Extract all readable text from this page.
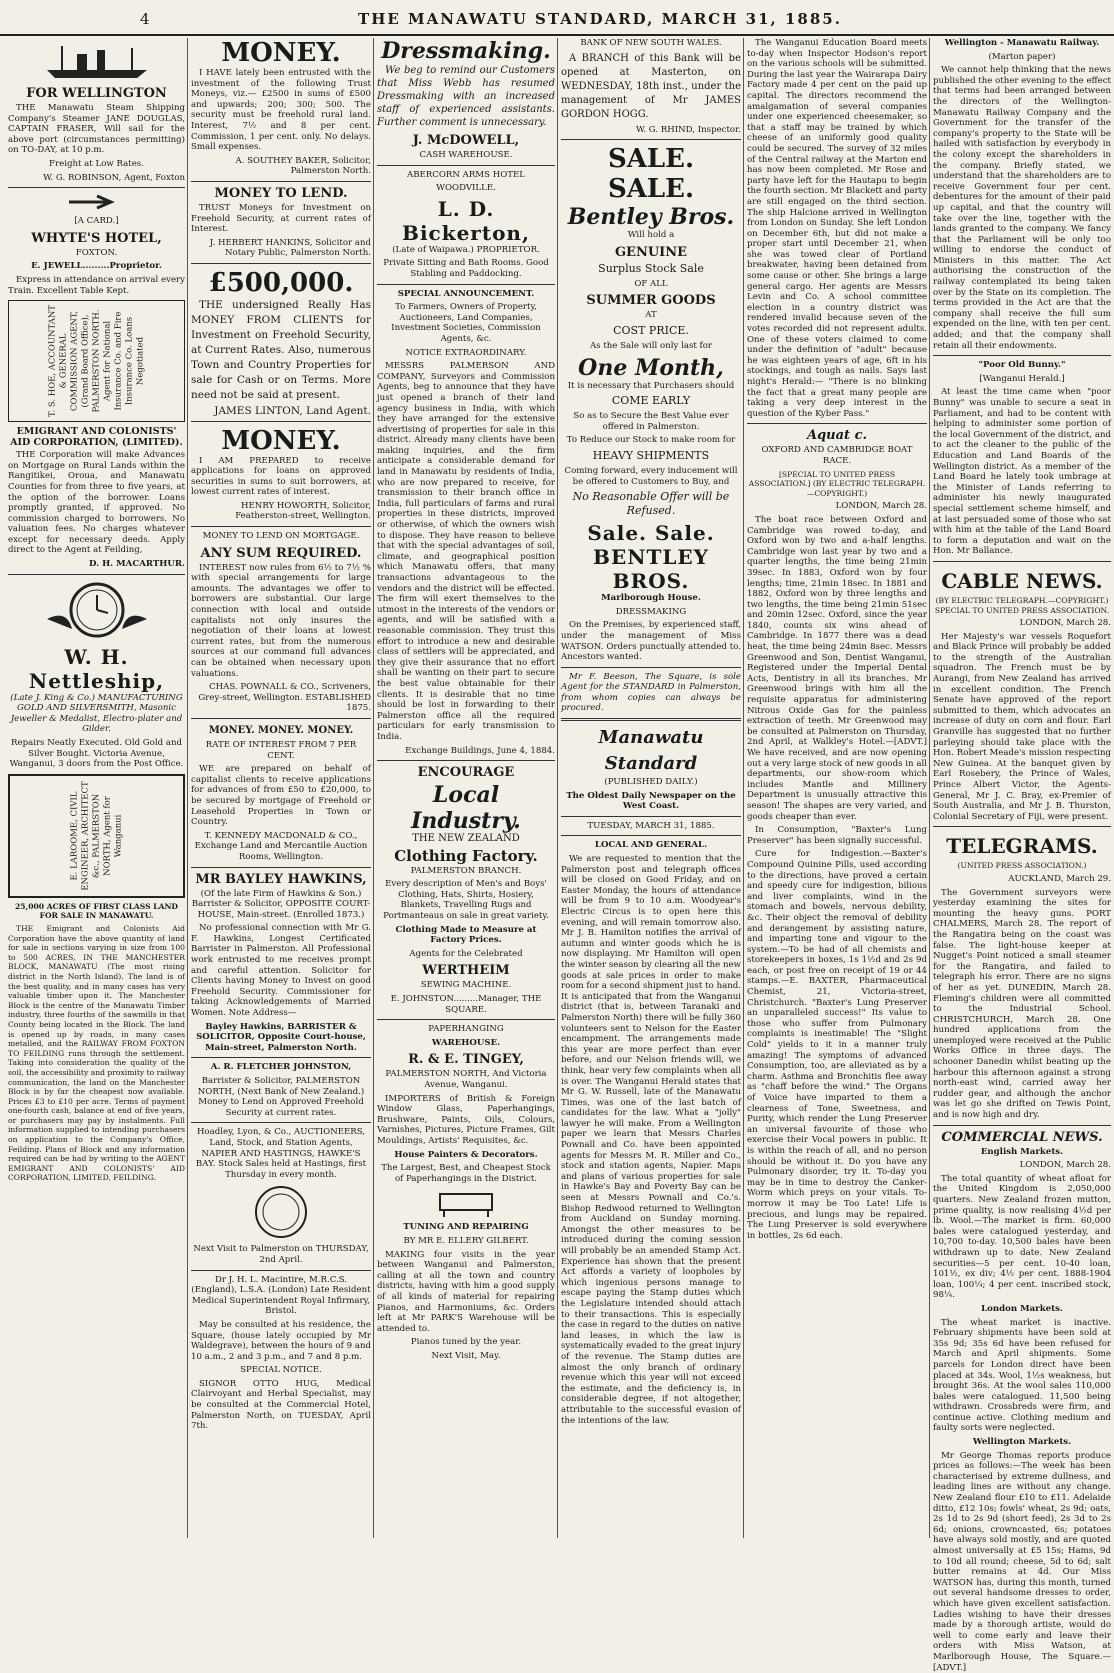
4	THE MANAWATU STANDARD, MARCH 31, 1885.
FOR WELLINGTON

THE Manawatu Steam Shipping Company's Steamer JANE DOUGLAS, CAPTAIN FRASER, Will sail for the above port (circumstances permitting) on TO-DAY, at 10 p.m.

Freight at Low Rates.

W. G. ROBINSON, Agent, Foxton

[A CARD.]

WHYTE'S HOTEL,

FOXTON.

E. JEWELL.........Proprietor.

Express in attendance on arrival every Train. Excellent Table Kept.

T. S. HOE, ACCOUNTANT & GENERAL COMMISSION AGENT, (Grand Board Office), PALMERSTON NORTH. Agent for National Insurance Co. and Fire Insurance Co. Loans Negotiated
EMIGRANT AND COLONISTS' AID CORPORATION, (LIMITED).

THE Corporation will make Advances on Mortgage on Rural Lands within the Rangitikei, Oroua, and Manawatu Counties for from three to five years, at the option of the borrower. Loans promptly granted, if approved. No commission charged to borrowers. No valuation fees. No charges whatever except for necessary deeds. Apply direct to the Agent at Feilding,

D. H. MACARTHUR.

W. H. Nettleship,

(Late J. King & Co.) MANUFACTURING GOLD AND SILVERSMITH, Masonic Jeweller & Medalist, Electro-plater and Gilder.

Repairs Neatly Executed. Old Gold and Silver Bought. Victoria Avenue, Wanganui, 3 doors from the Post Office.

E. LAROOME, CIVIL ENGINEER, ARCHITECT &c., PALMERSTON NORTH, Agent for Wanganui

25,000 ACRES OF FIRST CLASS LAND FOR SALE IN MANAWATU.

THE Emigrant and Colonists Aid Corporation have the above quantity of land for sale in sections varying in size from 100 to 500 ACRES, IN THE MANCHESTER BLOCK, MANAWATU (The most rising district in the North Island). The land is of the best quality, and in many cases has very valuable timber upon it. The Manchester Block is the centre of the Manawatu Timber industry, three fourths of the sawmills in that County being located in the Block. The land is opened up by roads, in many cases metalled, and the RAILWAY FROM FOXTON TO FEILDING runs through the settlement. Taking into consideration the quality of the soil, the accessibility and proximity to railway communication, the land on the Manchester Block is by far the cheapest now available. Prices £3 to £10 per acre. Terms of payment one-fourth cash, balance at end of five years, or purchasers may pay by instalments. Full information supplied to intending purchasers on application to the Company's Office, Feilding. Plans of Block and any information required can be had by writing to the AGENT EMIGRANT AND COLONISTS' AID CORPORATION, LIMITED, FEILDING.

MONEY.

I HAVE lately been entrusted with the investment of the following Trust Moneys, viz.— £2500 in sums of £500 and upwards; 200; 300; 500. The security must be freehold rural land. Interest, 7½ and 8 per cent. Commission, 1 per cent. only. No delays. Small expenses.

A. SOUTHEY BAKER, Solicitor, Palmerston North.

MONEY TO LEND.

TRUST Moneys for Investment on Freehold Security, at current rates of Interest.

J. HERBERT HANKINS, Solicitor and Notary Public, Palmerston North.

£500,000.

THE undersigned Really Has MONEY FROM CLIENTS for Investment on Freehold Security, at Current Rates. Also, numerous Town and Country Properties for sale for Cash or on Terms. More need not be said at present.

JAMES LINTON, Land Agent.

MONEY.

I AM PREPARED to receive applications for loans on approved securities in sums to suit borrowers, at lowest current rates of interest.

HENRY HOWORTH, Solicitor, Featherston-street, Wellington.

MONEY TO LEND ON MORTGAGE.

ANY SUM REQUIRED.

INTEREST now rules from 6½ to 7½ % with special arrangements for large amounts. The advantages we offer to borrowers are substantial. Our large connection with local and outside capitalists not only insures the negotiation of their loans at lowest current rates, but from the numerous sources at our command full advances can be obtained when necessary upon valuations.

CHAS. POWNALL & CO., Scriveners, Grey-street, Wellington. ESTABLISHED 1875.

MONEY. MONEY. MONEY.

RATE OF INTEREST FROM 7 PER CENT.

WE are prepared on behalf of capitalist clients to receive applications for advances of from £50 to £20,000, to be secured by mortgage of Freehold or Leasehold Properties in Town or Country.

T. KENNEDY MACDONALD & CO., Exchange Land and Mercantile Auction Rooms, Wellington.

MR BAYLEY HAWKINS,

(Of the late Firm of Hawkins & Son.) Barrister & Solicitor, OPPOSITE COURT-HOUSE, Main-street. (Enrolled 1873.)

No professional connection with Mr G. F. Hawkins, Longest Certificated Barrister in Palmerston. All Professional work entrusted to me receives prompt and careful attention. Solicitor for Clients having Money to Invest on good Freehold Security. Commissioner for taking Acknowledgements of Married Women. Note Address—

Bayley Hawkins, BARRISTER & SOLICITOR, Opposite Court-house, Main-street, Palmerston North.

A. R. FLETCHER JOHNSTON,

Barrister & Solicitor, PALMERSTON NORTH, (Next Bank of New Zealand.) Money to Lend on Approved Freehold Security at current rates.

Hoadley, Lyon, & Co., AUCTIONEERS, Land, Stock, and Station Agents, NAPIER AND HASTINGS, HAWKE'S BAY. Stock Sales held at Hastings, first Thursday in every month.

Next Visit to Palmerston on THURSDAY, 2nd April.

Dr J. H. L. Macintire, M.R.C.S. (England), L.S.A. (London) Late Resident Medical Superintendent Royal Infirmary, Bristol.

May be consulted at his residence, the Square, (house lately occupied by Mr Waldegrave), between the hours of 9 and 10 a.m., 2 and 3 p.m., and 7 and 8 p.m.

SPECIAL NOTICE.

SIGNOR OTTO HUG, Medical Clairvoyant and Herbal Specialist, may be consulted at the Commercial Hotel, Palmerston North, on TUESDAY, April 7th.

Dressmaking.

We beg to remind our Customers that Miss Webb has resumed Dressmaking with an increased staff of experienced assistants. Further comment is unnecessary.

J. McDOWELL,

CASH WAREHOUSE.

ABERCORN ARMS HOTEL

WOODVILLE.

L. D. Bickerton,

(Late of Waipawa.) PROPRIETOR.

Private Sitting and Bath Rooms. Good Stabling and Paddocking.

SPECIAL ANNOUNCEMENT.

To Farmers, Owners of Property, Auctioneers, Land Companies, Investment Societies, Commission Agents, &c.

NOTICE EXTRAORDINARY.

MESSRS PALMERSON AND COMPANY, Surveyors and Commission Agents, beg to announce that they have just opened a branch of their land agency business in India, with which they have arranged for the extensive advertising of properties for sale in this district. Already many clients have been making inquiries, and the firm anticipate a considerable demand for land in Manawatu by residents of India, who are now prepared to receive, for transmission to their branch office in India, full particulars of farms and rural properties in these districts, improved or otherwise, of which the owners wish to dispose. They have reason to believe that with the special advantages of soil, climate, and geographical position which Manawatu offers, that many transactions advantageous to the vendors and the district will be effected. The firm will exert themselves to the utmost in the interests of the vendors or agents, and will be satisfied with a reasonable commission. They trust this effort to introduce a new and desirable class of settlers will be appreciated, and they give their assurance that no effort shall be wanting on their part to secure the best value obtainable for their clients. It is desirable that no time should be lost in forwarding to their Palmerston office all the required particulars for early transmission to India.

Exchange Buildings, June 4, 1884.

ENCOURAGE
Local Industry.

THE NEW ZEALAND

Clothing Factory.

PALMERSTON BRANCH.

Every description of Men's and Boys' Clothing, Hats, Shirts, Hosiery, Blankets, Travelling Rugs and Portmanteaus on sale in great variety.

Clothing Made to Measure at Factory Prices.

Agents for the Celebrated

WERTHEIM

SEWING MACHINE.

E. JOHNSTON.........Manager, THE SQUARE.

PAPERHANGING

WAREHOUSE.

R. & E. TINGEY,

PALMERSTON NORTH, And Victoria Avenue, Wanganui.

IMPORTERS of British & Foreign Window Glass, Paperhangings, Brushware, Paints, Oils, Colours, Varnishes, Pictures, Picture Frames, Gilt Mouldings, Artists' Requisites, &c.

House Painters & Decorators.

The Largest, Best, and Cheapest Stock of Paperhangings in the District.

TUNING AND REPAIRING

BY MR E. ELLERY GILBERT.

MAKING four visits in the year between Wanganui and Palmerston, calling at all the town and country districts, having with him a good supply of all kinds of material for repairing Pianos, and Harmoniums, &c. Orders left at Mr PARK'S Warehouse will be attended to.

Pianos tuned by the year.

Next Visit, May.

BANK OF NEW SOUTH WALES.

A BRANCH of this Bank will be opened at Masterton, on WEDNESDAY, 18th inst., under the management of Mr JAMES GORDON HOGG.

W. G. RHIND, Inspector.

SALE. SALE.
Bentley Bros.

Will hold a

GENUINE

Surplus Stock Sale

OF ALL

SUMMER GOODS

AT

COST PRICE.

As the Sale will only last for

One Month,

It is necessary that Purchasers should

COME EARLY

So as to Secure the Best Value ever offered in Palmerston.

To Reduce our Stock to make room for

HEAVY SHIPMENTS

Coming forward, every inducement will be offered to Customers to Buy, and

No Reasonable Offer will be Refused.

Sale. Sale.
BENTLEY BROS.

Marlborough House.

DRESSMAKING

On the Premises, by experienced staff, under the management of Miss WATSON. Orders punctually attended to. Ancestors wanted.

Mr F. Beeson, The Square, is sole Agent for the STANDARD in Palmerston, from whom copies can always be procured.

Manawatu Standard

(PUBLISHED DAILY.)

The Oldest Daily Newspaper on the West Coast.

TUESDAY, MARCH 31, 1885.

LOCAL AND GENERAL.

We are requested to mention that the Palmerston post and telegraph offices will be closed on Good Friday, and on Easter Monday, the hours of attendance will be from 9 to 10 a.m. Woodyear's Electric Circus is to open here this evening, and will remain tomorrow also. Mr J. B. Hamilton notifies the arrival of autumn and winter goods which he is now displaying. Mr Hamilton will open the winter season by clearing all the new goods at sale prices in order to make room for a second shipment just to hand. It is anticipated that from the Wanganui district (that is, between Taranaki and Palmerston North) there will be fully 360 volunteers sent to Nelson for the Easter encampment. The arrangements made this year are more perfect than ever before, and our Nelson friends will, we think, hear very few complaints when all is over. The Wanganui Herald states that Mr G. W. Russell, late of the Manawatu Times, was one of the last batch of candidates for the law. What a "jolly" lawyer he will make. From a Wellington paper we learn that Messrs Charles Pownall and Co. have been appointed agents for Messrs M. R. Miller and Co., stock and station agents, Napier. Maps and plans of various properties for sale in Hawke's Bay and Poverty Bay can be seen at Messrs Pownall and Co.'s. Bishop Redwood returned to Wellington from Auckland on Sunday morning. Amongst the other measures to be introduced during the coming session will probably be an amended Stamp Act. Experience has shown that the present Act affords a variety of loopholes by which ingenious persons manage to escape paying the Stamp duties which the Legislature intended should attach to their transactions. This is especially the case in regard to the duties on native land leases, in which the law is systematically evaded to the great injury of the revenue. The Stamp duties are almost the only branch of ordinary revenue which this year will not exceed the estimate, and the deficiency is, in considerable degree, if not altogether, attributable to the successful evasion of the intentions of the law.

The Wanganui Education Board meets to-day when Inspector Hodson's report on the various schools will be submitted. During the last year the Wairarapa Dairy Factory made 4 per cent on the paid up capital. The directors recommend the amalgamation of several companies under one experienced cheesemaker, so that a staff may be trained by which cheese of an uniformly good quality could be secured. The survey of 32 miles of the Central railway at the Marton end has now been completed. Mr Rose and party have left for the Hautapu to begin the fourth section. Mr Blackett and party are still engaged on the third section. The ship Halcione arrived in Wellington from London on Sunday. She left London on December 6th, but did not make a proper start until December 21, when she was towed clear of Portland breakwater, having been detained from some cause or other. She brings a large general cargo. Her agents are Messrs Levin and Co. A school committee election in a country district was rendered invalid because seven of the votes recorded did not represent adults. One of these voters claimed to come under the definition of "adult" because he was eighteen years of age, 6ft in his stockings, and tough as nails. Says last night's Herald:— "There is no blinking the fact that a great many people are taking a very deep interest in the question of the Kyber Pass."

Aquat c.

OXFORD AND CAMBRIDGE BOAT RACE.

[SPECIAL TO UNITED PRESS ASSOCIATION.] (BY ELECTRIC TELEGRAPH.—COPYRIGHT.)

LONDON, March 28.

The boat race between Oxford and Cambridge was rowed to-day, and Oxford won by two and a-half lengths. Cambridge won last year by two and a quarter lengths, the time being 21min 39sec. In 1883, Oxford won by four lengths; time, 21min 18sec. In 1881 and 1882, Oxford won by three lengths and two lengths, the time being 21min 51sec and 20min 12sec. Oxford, since the year 1840, counts six wins ahead of Cambridge. In 1877 there was a dead heat, the time being 24min 8sec. Messrs Greenwood and Son, Dentist Wanganui, Registered under the Imperial Dental Acts, Dentistry in all its branches. Mr Greenwood brings with him all the requisite apparatus for administering Nitrous Oxide Gas for the painless extraction of teeth. Mr Greenwood may be consulted at Palmerston on Thursday, 2nd April, at Walkley's Hotel.—[ADVT.] We have received, and are now opening out a very large stock of new goods in all departments, our show-room which includes Mantle and Millinery Department is unusually attractive this season! The shapes are very varied, and goods cheaper than ever.

In Consumption, "Baxter's Lung Preserver" has been signally successful.

Cure for Indigestion.—Baxter's Compound Quinine Pills, used according to the directions, have proved a certain and speedy cure for indigestion, bilious and liver complaints, wind in the stomach and bowels, nervous debility, &c. Their object the removal of debility and derangement by assisting nature, and imparting tone and vigour to the system.—To be had of all chemists and storekeepers in boxes, 1s 1½d and 2s 9d each, or post free on receipt of 19 or 44 stamps.—E. BAXTER, Pharmaceutical Chemist, 21, Victoria-street, Christchurch. "Baxter's Lung Preserver an unparalleled success!" Its value to those who suffer from Pulmonary complaints is inestimable! The "Slight Cold" yields to it in a manner truly amazing! The symptoms of advanced Consumption, too, are alleviated as by a charm. Asthma and Bronchitis flee away as "chaff before the wind." The Organs of Voice have imparted to them a clearness of Tone, Sweetness, and Purity, which render the Lung Preserver an universal favourite of those who exercise their Vocal powers in public. It is within the reach of all, and no person should be without it. Do you have any Pulmonary disorder, try it. To-day you may be in time to destroy the Canker-Worm which preys on your vitals. To-morrow it may be Too Late! Life is precious, and lungs may be repaired. The Lung Preserver is sold everywhere in bottles, 2s 6d each.

Wellington - Manawatu Railway.

(Marton paper)

We cannot help thinking that the news published the other evening to the effect that terms had been arranged between the directors of the Wellington-Manawatu Railway Company and the Government for the transfer of the company's property to the State will be hailed with satisfaction by everybody in the colony except the shareholders in the company. Briefly stated, we understand that the shareholders are to receive Government four per cent. debentures for the amount of their paid up capital, and that the country will take over the line, together with the lands granted to the company. We fancy that the Parliament will be only too willing to endorse the conduct of Ministers in this matter. The Act authorising the construction of the railway contemplated its being taken over by the State on its completion. The terms provided in the Act are that the company shall receive the full sum expended on the line, with ten per cent. added; and that the company shall retain all their endowments.

"Poor Old Bunny."

[Wanganui Herald.]

At least the time came when "poor Bunny" was unable to secure a seat in Parliament, and had to be content with helping to administer some portion of the local Government of the district, and to act the cleaner to the public of the Education and Land Boards of the Wellington district. As a member of the Land Board he lately took umbrage at the Minister of Lands referring to administer his newly inaugurated special settlement scheme himself, and at last persuaded some of those who sat with him at the table of the Land Board to form a deputation and wait on the Hon. Mr Ballance.

CABLE NEWS.

(BY ELECTRIC TELEGRAPH.—COPYRIGHT.) SPECIAL TO UNITED PRESS ASSOCIATION.

LONDON, March 28.

Her Majesty's war vessels Roquefort and Black Prince will probably be added to the strength of the Australian squadron. The French must be by Aurangi, from New Zealand has arrived in excellent condition. The French Senate have approved of the report submitted to them, which advocates an increase of duty on corn and flour. Earl Granville has suggested that no further parleying should take place with the Hon. Robert Meade's mission respecting New Guinea. At the banquet given by Earl Rosebery, the Prince of Wales, Prince Albert Victor, the Agents-General, Mr J. C. Bray, ex-Premier of South Australia, and Mr J. B. Thurston, Colonial Secretary of Fiji, were present.

TELEGRAMS.

(UNITED PRESS ASSOCIATION.)

AUCKLAND, March 29.

The Government surveyors were yesterday examining the sites for mounting the heavy guns. PORT CHALMERS, March 28. The report of the Rangatira being on the coast was false. The light-house keeper at Nugget's Point noticed a small steamer for the Rangatira, and failed to telegraph his error. There are no signs of her as yet. DUNEDIN, March 28. Fleming's children were all committed to the Industrial School. CHRISTCHURCH, March 28. One hundred applications from the unemployed were received at the Public Works Office in three days. The schooner Danedin whilst beating up the harbour this afternoon against a strong north-east wind, carried away her rudder gear, and although the anchor was let go she drifted on Tewis Point, and is now high and dry.

COMMERCIAL NEWS.

English Markets.

LONDON, March 28.

The total quantity of wheat afloat for the United Kingdom is 2,050,000 quarters. New Zealand frozen mutton, prime quality, is now realising 4½d per lb. Wool.—The market is firm. 60,000 bales were catalogued yesterday, and 10,700 to-day. 10,500 bales have been withdrawn up to date. New Zealand securities—5 per cent. 10-40 loan, 101½, ex div; 4½ per cent. 1888-1904 loan, 100¼; 4 per cent. inscribed stock, 98¼.

London Markets.

The wheat market is inactive. February shipments have been sold at 35s 9d; 35s 6d have been refused for March and April shipments. Some parcels for London direct have been placed at 34s. Wool, 1½s weakness, but brought 36s. At the wool sales 110,000 bales were catalogued. 11,500 being withdrawn. Crossbreds were firm, and continue active. Clothing medium and faulty sorts were neglected.

Wellington Markets.

Mr George Thomas reports produce prices as follows:—The week has been characterised by extreme dullness, and leading lines are without any change. New Zealand flour £10 to £11. Adelaide ditto, £12 10s; fowls' wheat, 2s 9d; oats, 2s 1d to 2s 9d (short feed), 2s 3d to 2s 6d; onions, crowncasted, 6s; potatoes have always sold mostly, and are quoted almost universally at £5 15s; Hams, 9d to 10d all round; cheese, 5d to 6d; salt butter remains at 4d. Our Miss WATSON has, during this month, turned out several handsome dresses to order, which have given excellent satisfaction. Ladies wishing to have their dresses made by a thorough artiste, would do well to come early and leave their orders with Miss Watson, at Marlborough House, The Square.—[ADVT.]
